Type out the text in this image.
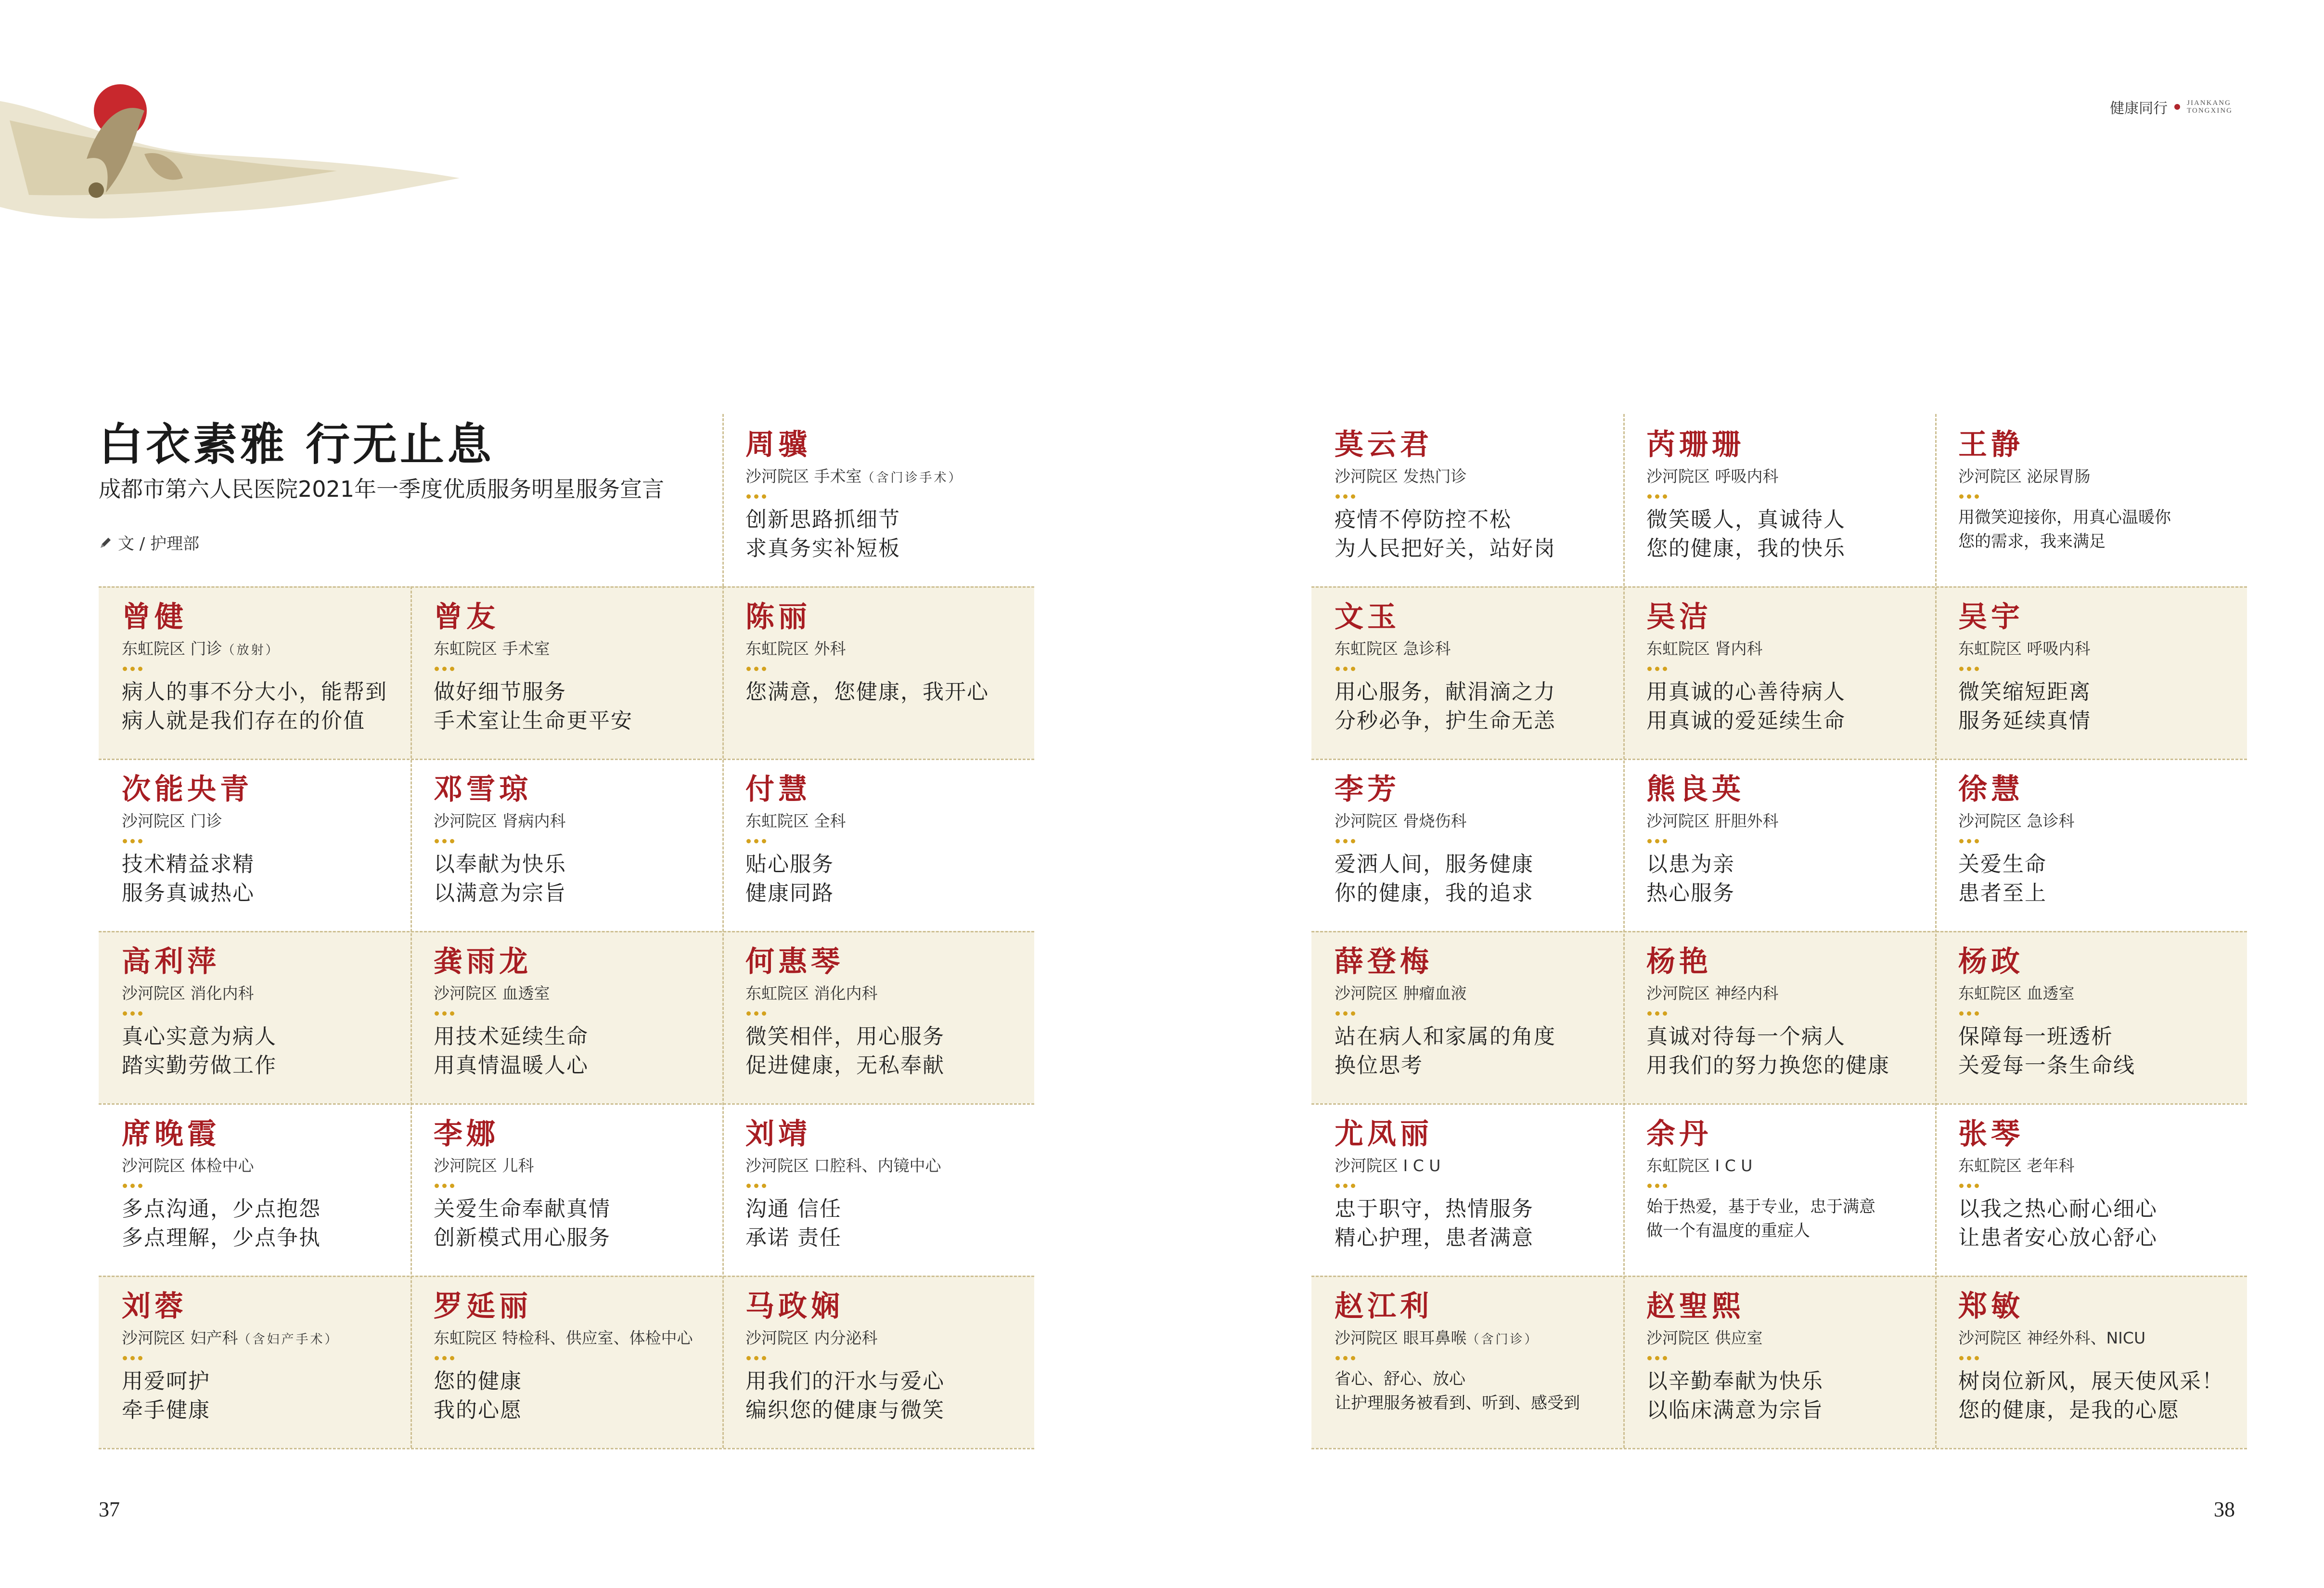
健康同行	JIANKANG
TONGXING
白衣素雅 行无止息
成都市第六人民医院2021年一季度优质服务明星服务宣言
文 / 护理部
周骥
沙河院区 手术室（含门诊手术）
创新思路抓细节
求真务实补短板
曾健
东虹院区 门诊（放射）
病人的事不分大小，能帮到
病人就是我们存在的价值
曾友
东虹院区 手术室
做好细节服务
手术室让生命更平安
陈丽
东虹院区 外科
您满意，您健康，我开心
次能央青
沙河院区 门诊
技术精益求精
服务真诚热心
邓雪琼
沙河院区 肾病内科
以奉献为快乐
以满意为宗旨
付慧
东虹院区 全科
贴心服务
健康同路
高利萍
沙河院区 消化内科
真心实意为病人
踏实勤劳做工作
龚雨龙
沙河院区 血透室
用技术延续生命
用真情温暖人心
何惠琴
东虹院区 消化内科
微笑相伴，用心服务
促进健康，无私奉献
席晚霞
沙河院区 体检中心
多点沟通，少点抱怨
多点理解，少点争执
李娜
沙河院区 儿科
关爱生命奉献真情
创新模式用心服务
刘靖
沙河院区 口腔科、内镜中心
沟通 信任
承诺 责任
刘蓉
沙河院区 妇产科（含妇产手术）
用爱呵护
牵手健康
罗延丽
东虹院区 特检科、供应室、体检中心
您的健康
我的心愿
马政娴
沙河院区 内分泌科
用我们的汗水与爱心
编织您的健康与微笑
莫云君
沙河院区 发热门诊
疫情不停防控不松
为人民把好关，站好岗
芮珊珊
沙河院区 呼吸内科
微笑暖人，真诚待人
您的健康，我的快乐
王静
沙河院区 泌尿胃肠
用微笑迎接你，用真心温暖你
您的需求，我来满足
文玉
东虹院区 急诊科
用心服务，献涓滴之力
分秒必争，护生命无恙
吴洁
东虹院区 肾内科
用真诚的心善待病人
用真诚的爱延续生命
吴宇
东虹院区 呼吸内科
微笑缩短距离
服务延续真情
李芳
沙河院区 骨烧伤科
爱洒人间，服务健康
你的健康，我的追求
熊良英
沙河院区 肝胆外科
以患为亲
热心服务
徐慧
沙河院区 急诊科
关爱生命
患者至上
薛登梅
沙河院区 肿瘤血液
站在病人和家属的角度
换位思考
杨艳
沙河院区 神经内科
真诚对待每一个病人
用我们的努力换您的健康
杨政
东虹院区 血透室
保障每一班透析
关爱每一条生命线
尤凤丽
沙河院区 I C U
忠于职守，热情服务
精心护理，患者满意
余丹
东虹院区 I C U
始于热爱，基于专业，忠于满意
做一个有温度的重症人
张琴
东虹院区 老年科
以我之热心耐心细心
让患者安心放心舒心
赵江利
沙河院区 眼耳鼻喉（含门诊）
省心、舒心、放心
让护理服务被看到、听到、感受到
赵聖熙
沙河院区 供应室
以辛勤奉献为快乐
以临床满意为宗旨
郑敏
沙河院区 神经外科、NICU
树岗位新风，展天使风采！
您的健康，是我的心愿
37	38
